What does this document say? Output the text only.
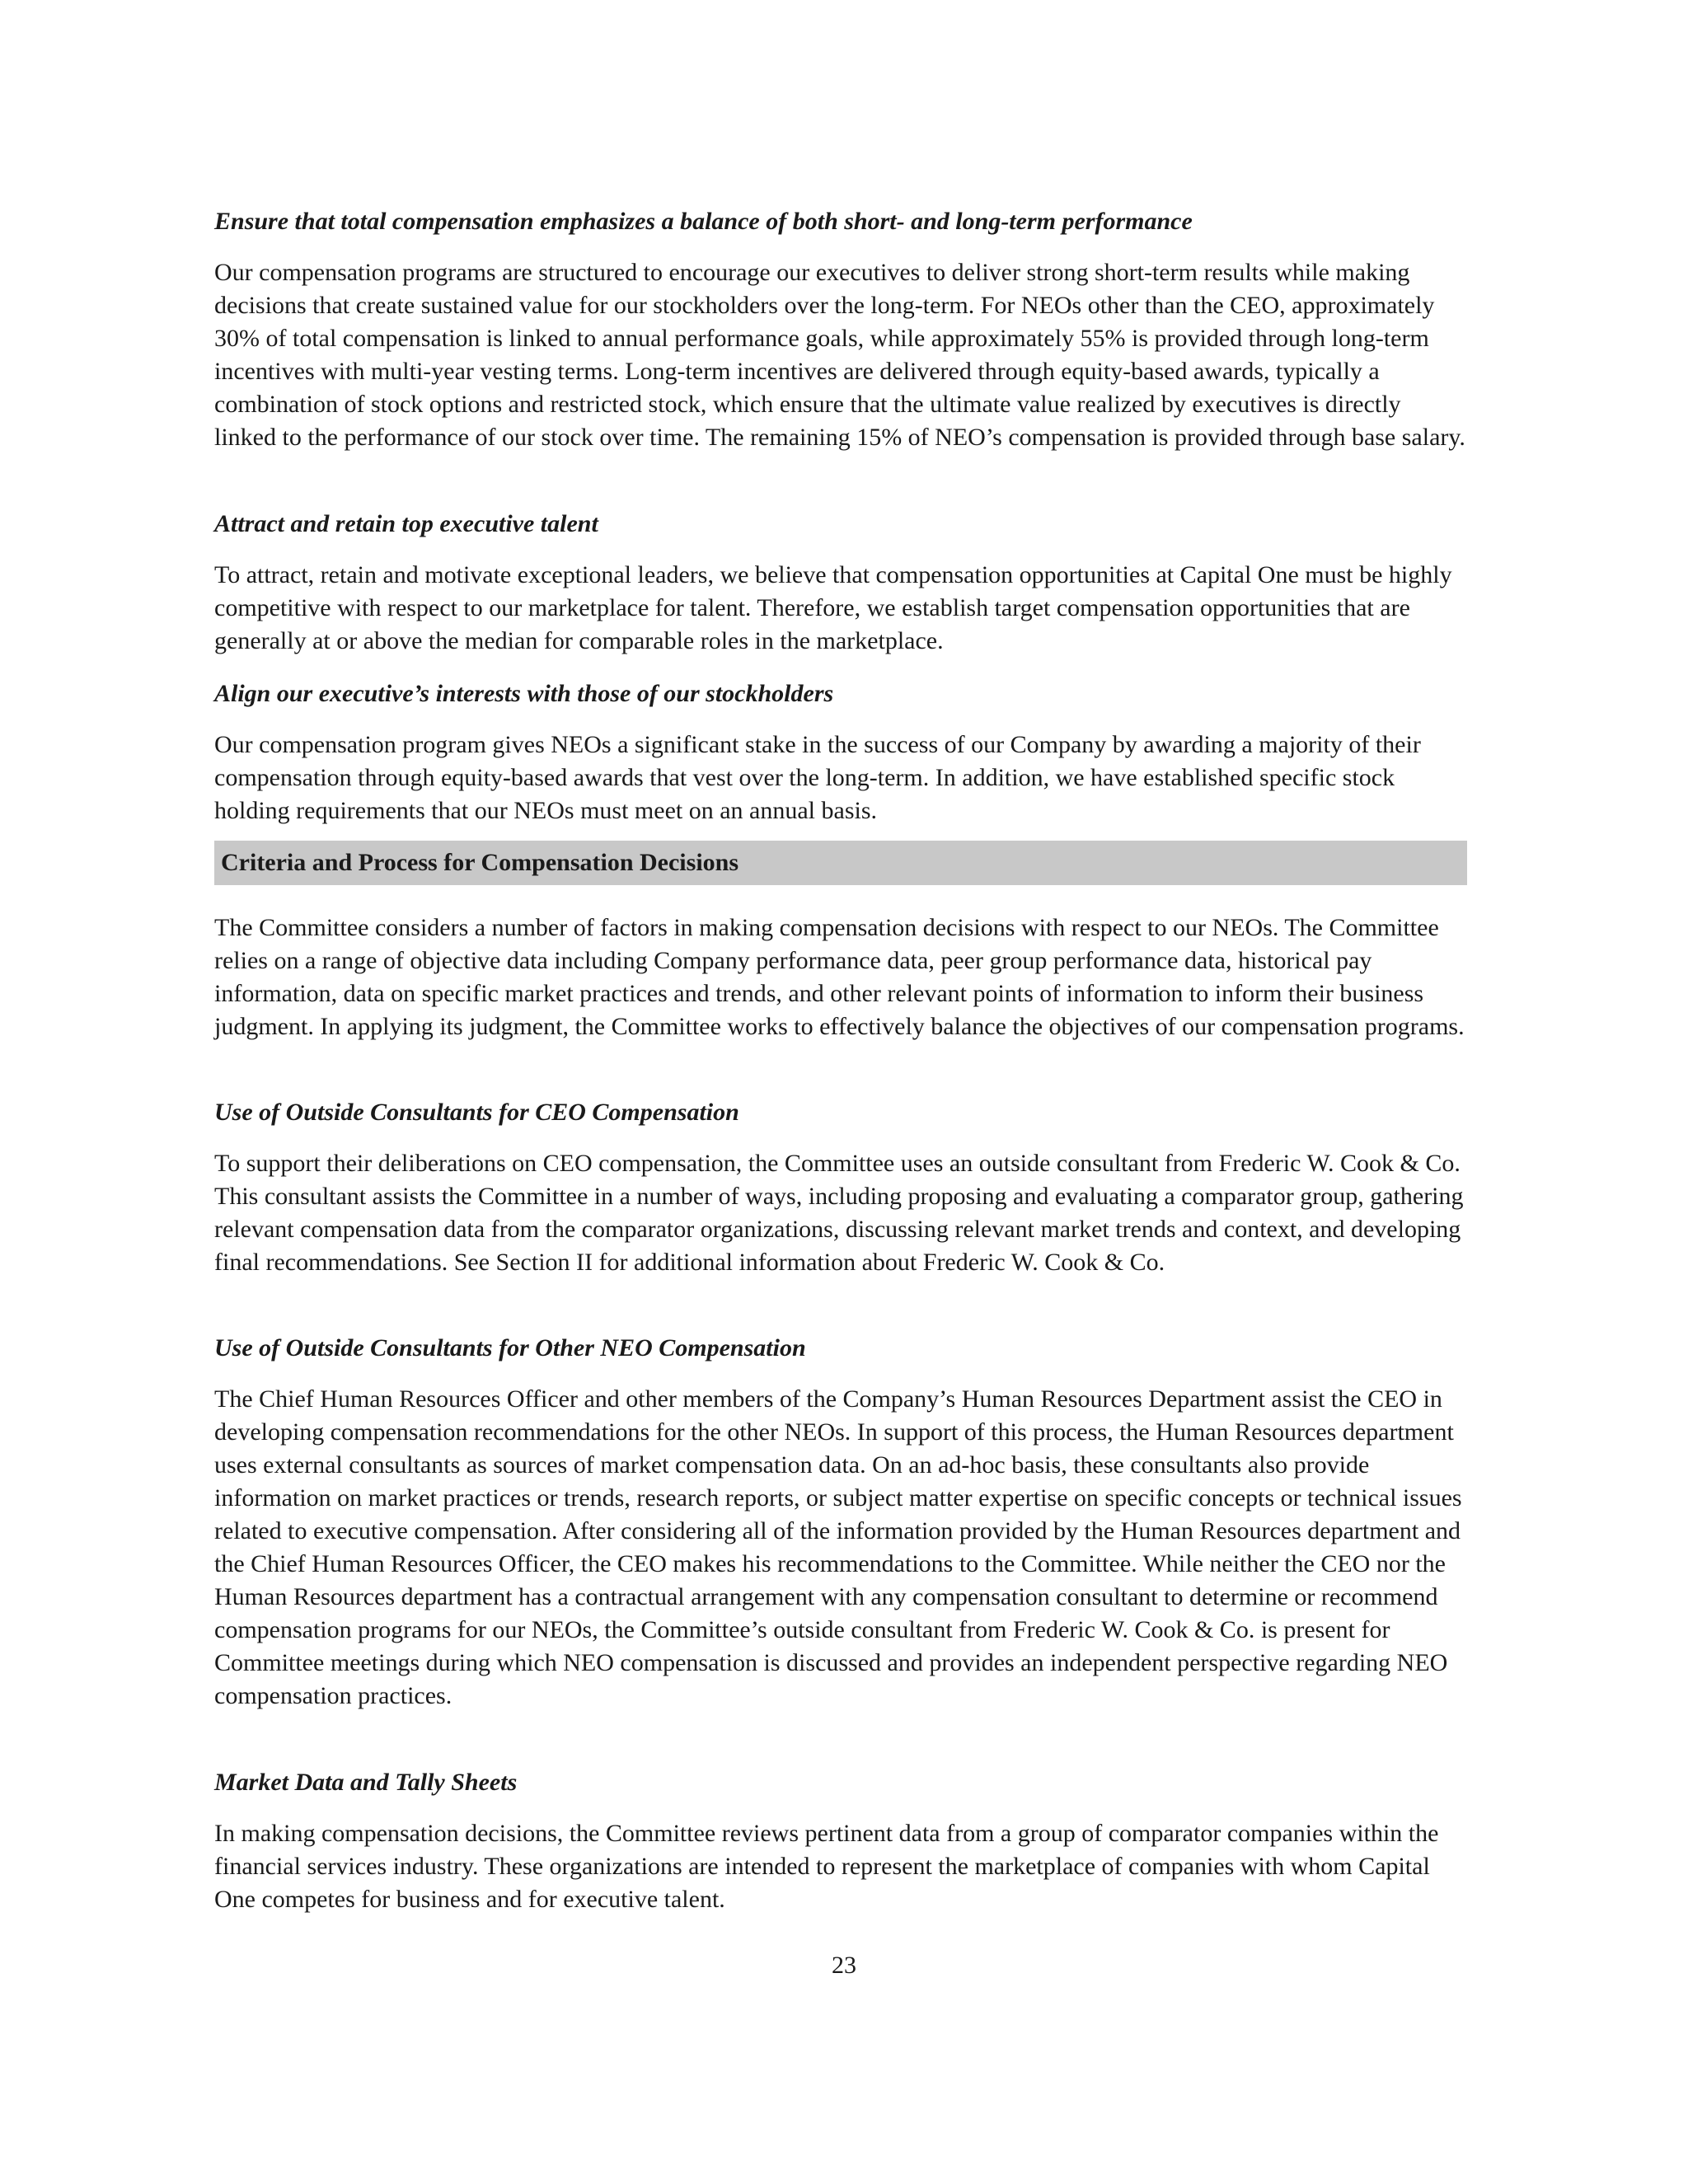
Ensure that total compensation emphasizes a balance of both short- and long-term performance

Our compensation programs are structured to encourage our executives to deliver strong short-term results while making decisions that create sustained value for our stockholders over the long-term. For NEOs other than the CEO, approximately 30% of total compensation is linked to annual performance goals, while approximately 55% is provided through long-term incentives with multi-year vesting terms. Long-term incentives are delivered through equity-based awards, typically a combination of stock options and restricted stock, which ensure that the ultimate value realized by executives is directly linked to the performance of our stock over time. The remaining 15% of NEO’s compensation is provided through base salary.

Attract and retain top executive talent

To attract, retain and motivate exceptional leaders, we believe that compensation opportunities at Capital One must be highly competitive with respect to our marketplace for talent. Therefore, we establish target compensation opportunities that are generally at or above the median for comparable roles in the marketplace.

Align our executive’s interests with those of our stockholders

Our compensation program gives NEOs a significant stake in the success of our Company by awarding a majority of their compensation through equity-based awards that vest over the long-term. In addition, we have established specific stock holding requirements that our NEOs must meet on an annual basis.

Criteria and Process for Compensation Decisions

The Committee considers a number of factors in making compensation decisions with respect to our NEOs. The Committee relies on a range of objective data including Company performance data, peer group performance data, historical pay information, data on specific market practices and trends, and other relevant points of information to inform their business judgment. In applying its judgment, the Committee works to effectively balance the objectives of our compensation programs.

Use of Outside Consultants for CEO Compensation

To support their deliberations on CEO compensation, the Committee uses an outside consultant from Frederic W. Cook & Co. This consultant assists the Committee in a number of ways, including proposing and evaluating a comparator group, gathering relevant compensation data from the comparator organizations, discussing relevant market trends and context, and developing final recommendations. See Section II for additional information about Frederic W. Cook & Co.

Use of Outside Consultants for Other NEO Compensation

The Chief Human Resources Officer and other members of the Company’s Human Resources Department assist the CEO in developing compensation recommendations for the other NEOs. In support of this process, the Human Resources department uses external consultants as sources of market compensation data. On an ad-hoc basis, these consultants also provide information on market practices or trends, research reports, or subject matter expertise on specific concepts or technical issues related to executive compensation. After considering all of the information provided by the Human Resources department and the Chief Human Resources Officer, the CEO makes his recommendations to the Committee. While neither the CEO nor the Human Resources department has a contractual arrangement with any compensation consultant to determine or recommend compensation programs for our NEOs, the Committee’s outside consultant from Frederic W. Cook & Co. is present for Committee meetings during which NEO compensation is discussed and provides an independent perspective regarding NEO compensation practices.

Market Data and Tally Sheets

In making compensation decisions, the Committee reviews pertinent data from a group of comparator companies within the financial services industry. These organizations are intended to represent the marketplace of companies with whom Capital One competes for business and for executive talent.

23
